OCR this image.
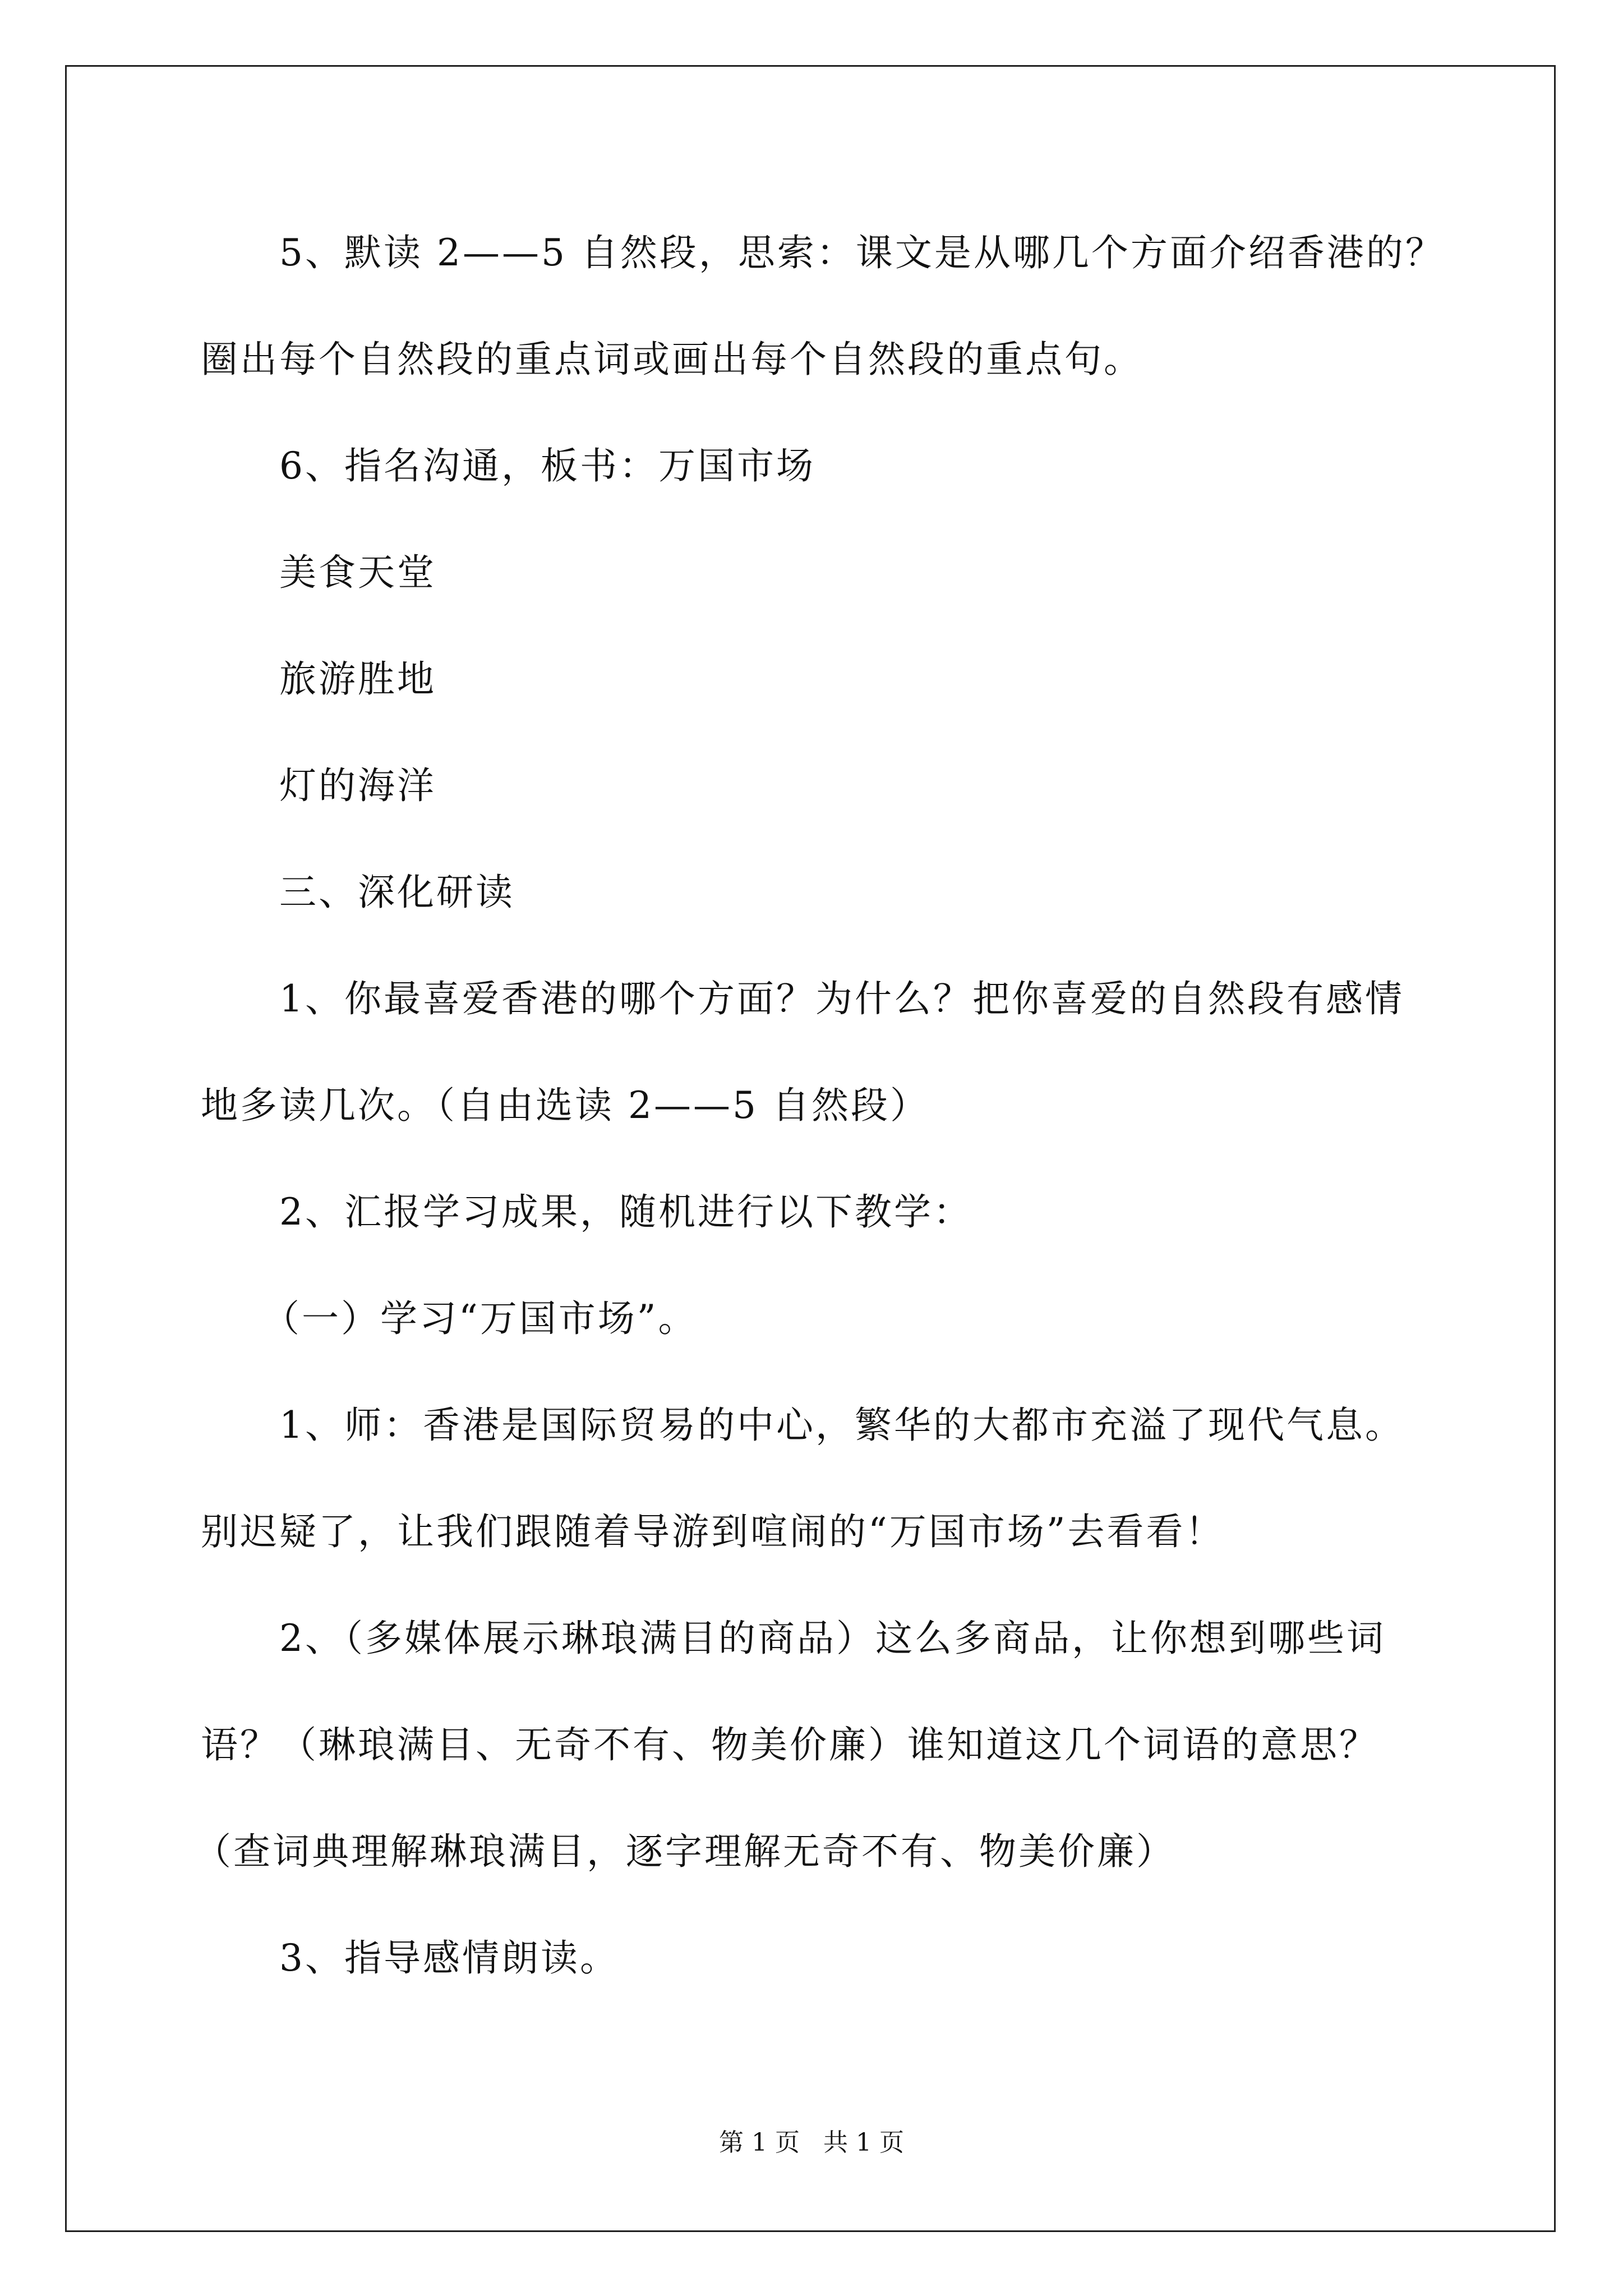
5、默读 2——5 自然段，思索：课文是从哪几个方面介绍香港的？
圈出每个自然段的重点词或画出每个自然段的重点句。
6、指名沟通，板书：万国市场
美食天堂
旅游胜地
灯的海洋
三、深化研读
1、你最喜爱香港的哪个方面？为什么？把你喜爱的自然段有感情
地多读几次。（自由选读 2——5 自然段）
2、汇报学习成果，随机进行以下教学：
（一）学习“万国市场”。
1、师：香港是国际贸易的中心，繁华的大都市充溢了现代气息。
别迟疑了，让我们跟随着导游到喧闹的“万国市场”去看看！
2、（多媒体展示琳琅满目的商品）这么多商品，让你想到哪些词
语？（琳琅满目、无奇不有、物美价廉）谁知道这几个词语的意思？
（查词典理解琳琅满目，逐字理解无奇不有、物美价廉）
3、指导感情朗读。
第 1 页   共 1 页
